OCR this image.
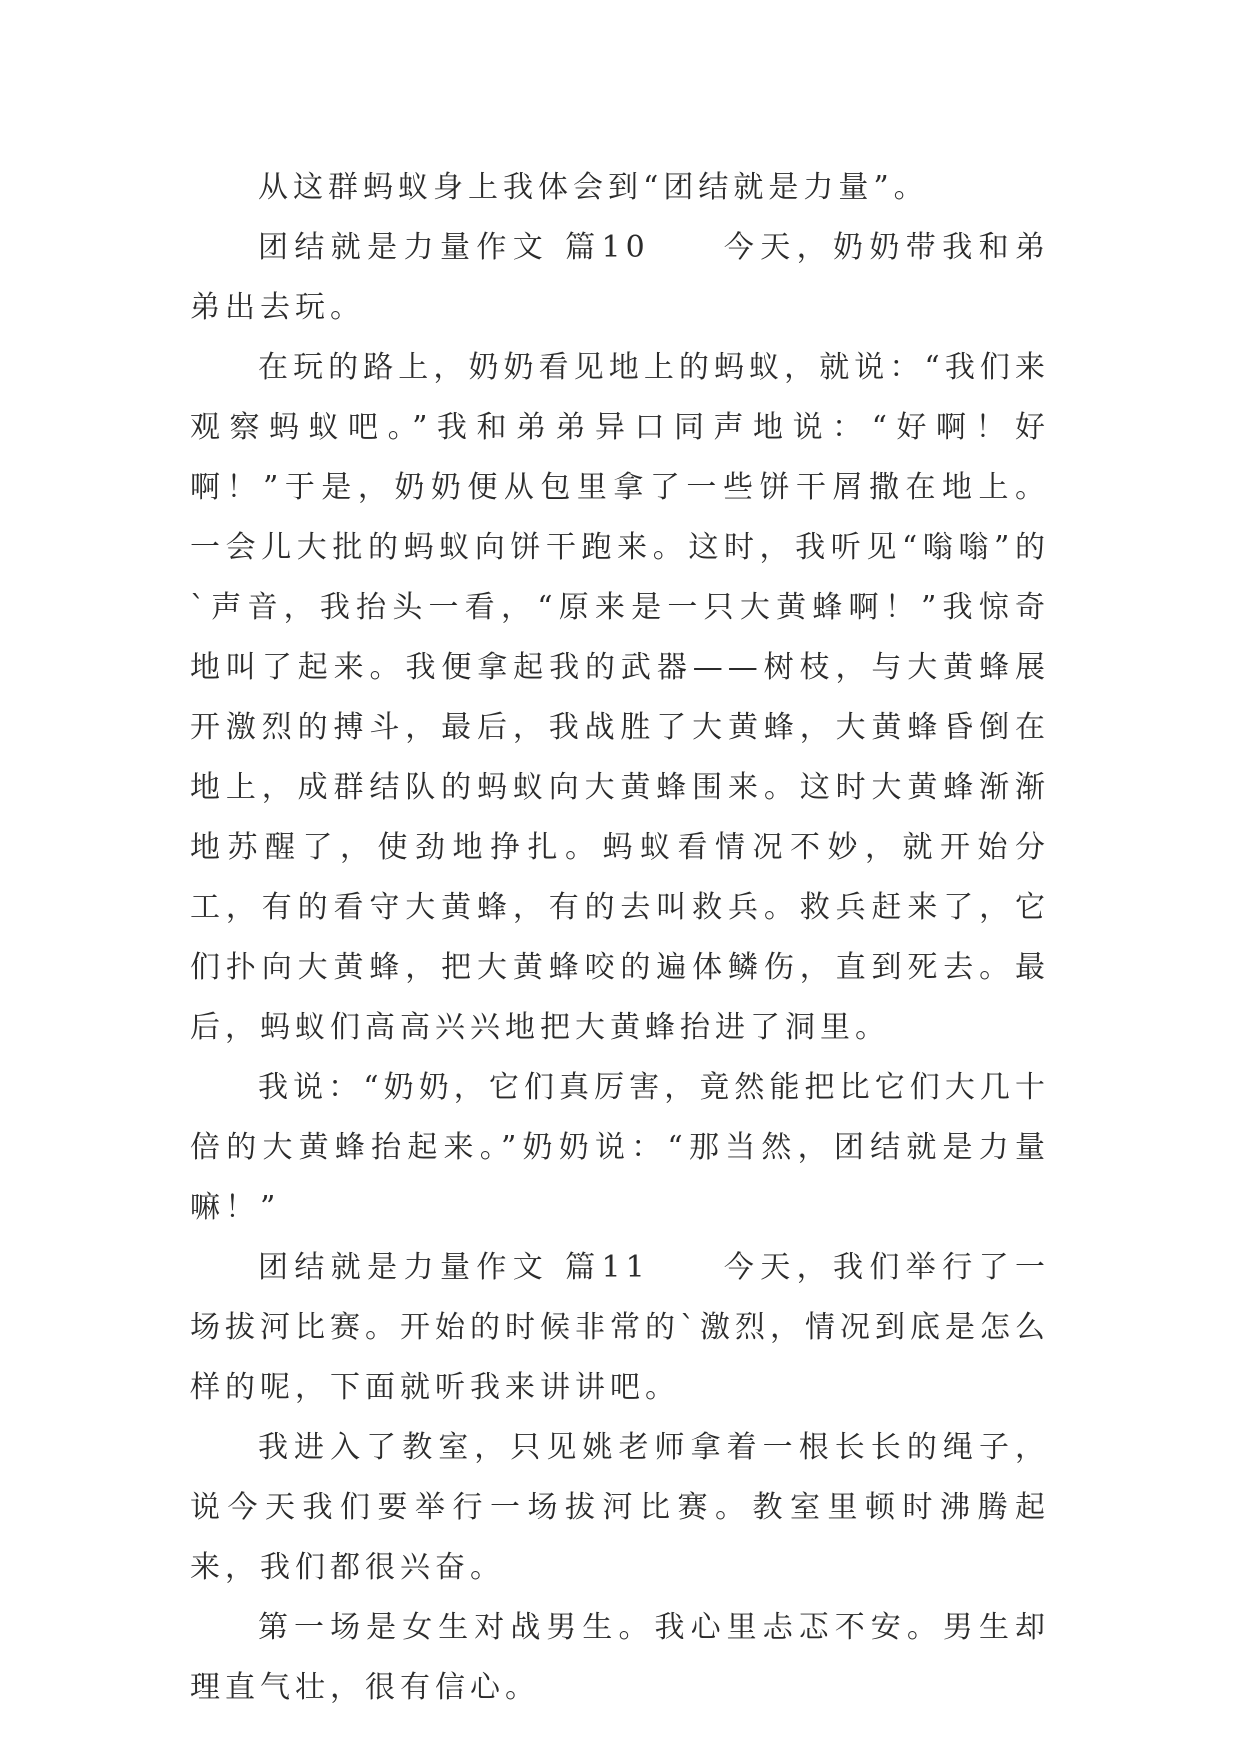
从这群蚂蚁身上我体会到“团结就是力量”。

团结就是力量作文 篇10　　今天，奶奶带我和弟弟出去玩。

在玩的路上，奶奶看见地上的蚂蚁，就说：“我们来观察蚂蚁吧。”我和弟弟异口同声地说：“好啊！好啊！”于是，奶奶便从包里拿了一些饼干屑撒在地上。一会儿大批的蚂蚁向饼干跑来。这时，我听见“嗡嗡”的`声音，我抬头一看，“原来是一只大黄蜂啊！”我惊奇地叫了起来。我便拿起我的武器——树枝，与大黄蜂展开激烈的搏斗，最后，我战胜了大黄蜂，大黄蜂昏倒在地上，成群结队的蚂蚁向大黄蜂围来。这时大黄蜂渐渐地苏醒了，使劲地挣扎。蚂蚁看情况不妙，就开始分工，有的看守大黄蜂，有的去叫救兵。救兵赶来了，它们扑向大黄蜂，把大黄蜂咬的遍体鳞伤，直到死去。最后，蚂蚁们高高兴兴地把大黄蜂抬进了洞里。

我说：“奶奶，它们真厉害，竟然能把比它们大几十倍的大黄蜂抬起来。”奶奶说：“那当然，团结就是力量嘛！”

团结就是力量作文 篇11　　今天，我们举行了一场拔河比赛。开始的时候非常的`激烈，情况到底是怎么样的呢，下面就听我来讲讲吧。

我进入了教室，只见姚老师拿着一根长长的绳子，说今天我们要举行一场拔河比赛。教室里顿时沸腾起来，我们都很兴奋。

第一场是女生对战男生。我心里忐忑不安。男生却理直气壮，很有信心。
